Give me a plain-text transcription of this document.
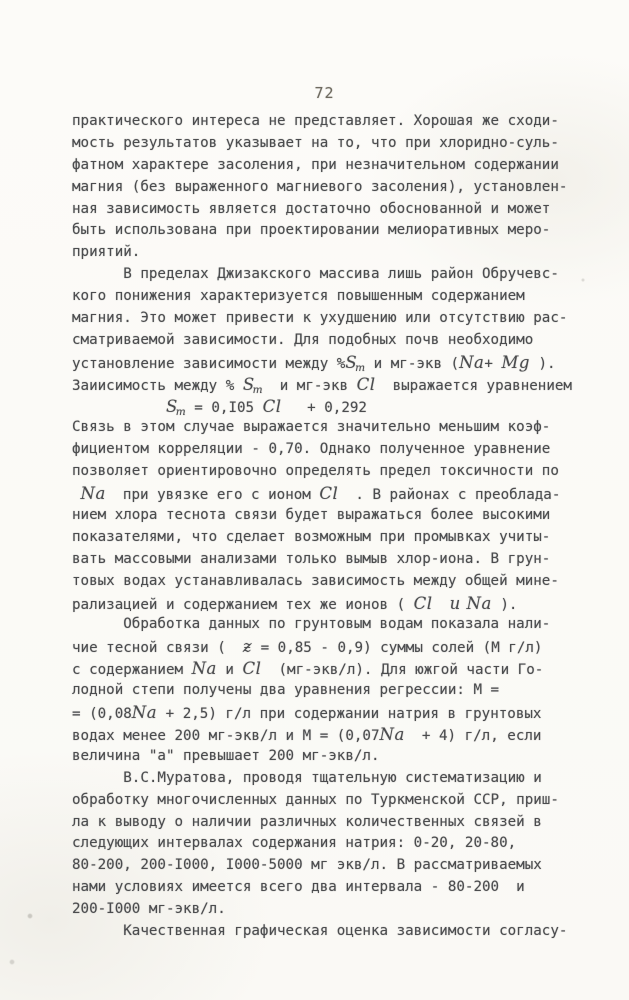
72
практического интереса не представляет. Хорошая же сходи-
мость результатов указывает на то, что при хлоридно-суль-
фатном характере засоления, при незначительном содержании
магния (без выраженного магниевого засоления), установлен-
ная зависимость является достаточно обоснованной и может
быть использована при проектировании мелиоративных меро-
приятий.
В пределах Джизакского массива лишь район Обручевс-
кого понижения характеризуется повышенным содержанием
магния. Это может привести к ухудшению или отсутствию рас-
сматриваемой зависимости. Для подобных почв необходимо
установление зависимости между $\%S_т$ и мг-экв (Na+ Mg ).
Заиисимость между % $S_т$  и мг-экв Cl  выражается уравнением
$S_т = 0,I05$ Cl   + 0,292
Связь в этом случае выражается значительно меньшим коэф-
фициентом корреляции - 0,70. Однако полученное уравнение
позволяет ориентировочно определять предел токсичности по
Na  при увязке его с ионом Cl  . В районах с преоблада-
нием хлора теснота связи будет выражаться более высокими
показателями, что сделает возможным при промывках учиты-
вать массовыми анализами только вымыв хлор-иона. В грун-
товых водах устанавливалась зависимость между общей мине-
рализацией и содержанием тех же ионов ( Cl и Na ).
Обработка данных по грунтовым водам показала нали-
чие тесной связи (  ƶ = 0,85 - 0,9) суммы солей (М г/л)
с содержанием Na и Cl  (мг-экв/л). Для южгой части Го-
лодной степи получены два уравнения регрессии: М =
= (0,08Na + 2,5) г/л при содержании натрия в грунтовых
водах менее 200 мг-экв/л и М = (0,07Na  + 4) г/л, если
величина "а" превышает 200 мг-экв/л.
В.С.Муратова, проводя тщательную систематизацию и
обработку многочисленных данных по Туркменской ССР, приш-
ла к выводу о наличии различных количественных связей в
следующих интервалах содержания натрия: 0-20, 20-80,
80-200, 200-I000, I000-5000 мг экв/л. В рассматриваемых
нами условиях имеется всего два интервала - 80-200  и
200-I000 мг-экв/л.
Качественная графическая оценка зависимости согласу-
